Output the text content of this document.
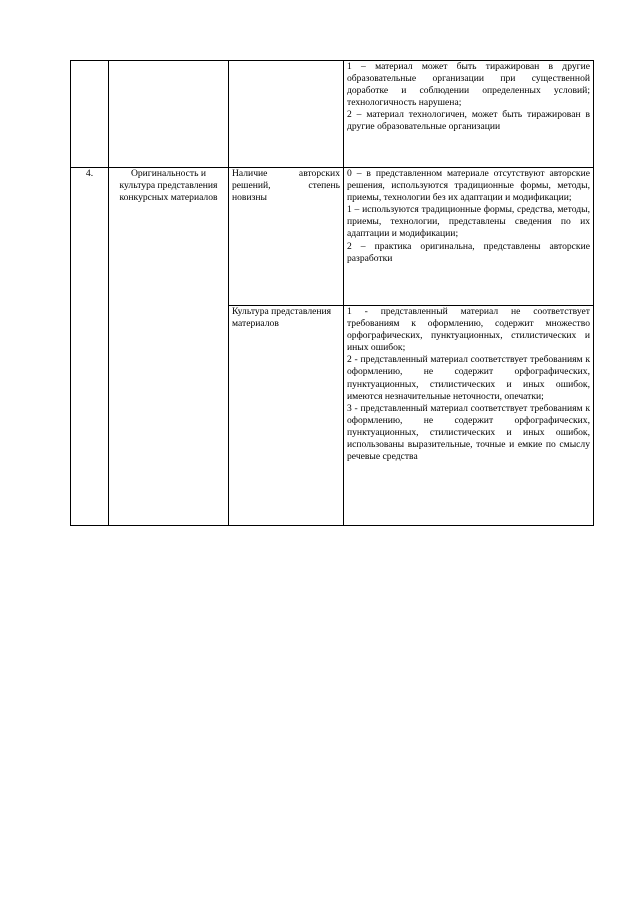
			1 – материал может быть тиражирован в другие образовательные организации при существенной доработке и соблюдении определенных условий; технологичность нарушена;

2 – материал технологичен, может быть тиражирован в другие образовательные организации

4.	Оригинальность и культура представления конкурсных материалов	Наличие авторских решений, степень новизны	0 – в представленном материале отсутствуют авторские решения, используются традиционные формы, методы, приемы, технологии без их адаптации и модификации;

1 – используются традиционные формы, средства, методы, приемы, технологии, представлены сведения по их адаптации и модификации;

2 – практика оригинальна, представлены авторские разработки

		Культура представления материалов	1 - представленный материал не соответствует требованиям к оформлению, содержит множество орфографических, пунктуационных, стилистических и иных ошибок;

2 - представленный материал соответствует требованиям к оформлению, не содержит орфографических, пунктуационных, стилистических и иных ошибок, имеются незначительные неточности, опечатки;

3 - представленный материал соответствует требованиям к оформлению, не содержит орфографических, пунктуационных, стилистических и иных ошибок, использованы выразительные, точные и емкие по смыслу речевые средства
